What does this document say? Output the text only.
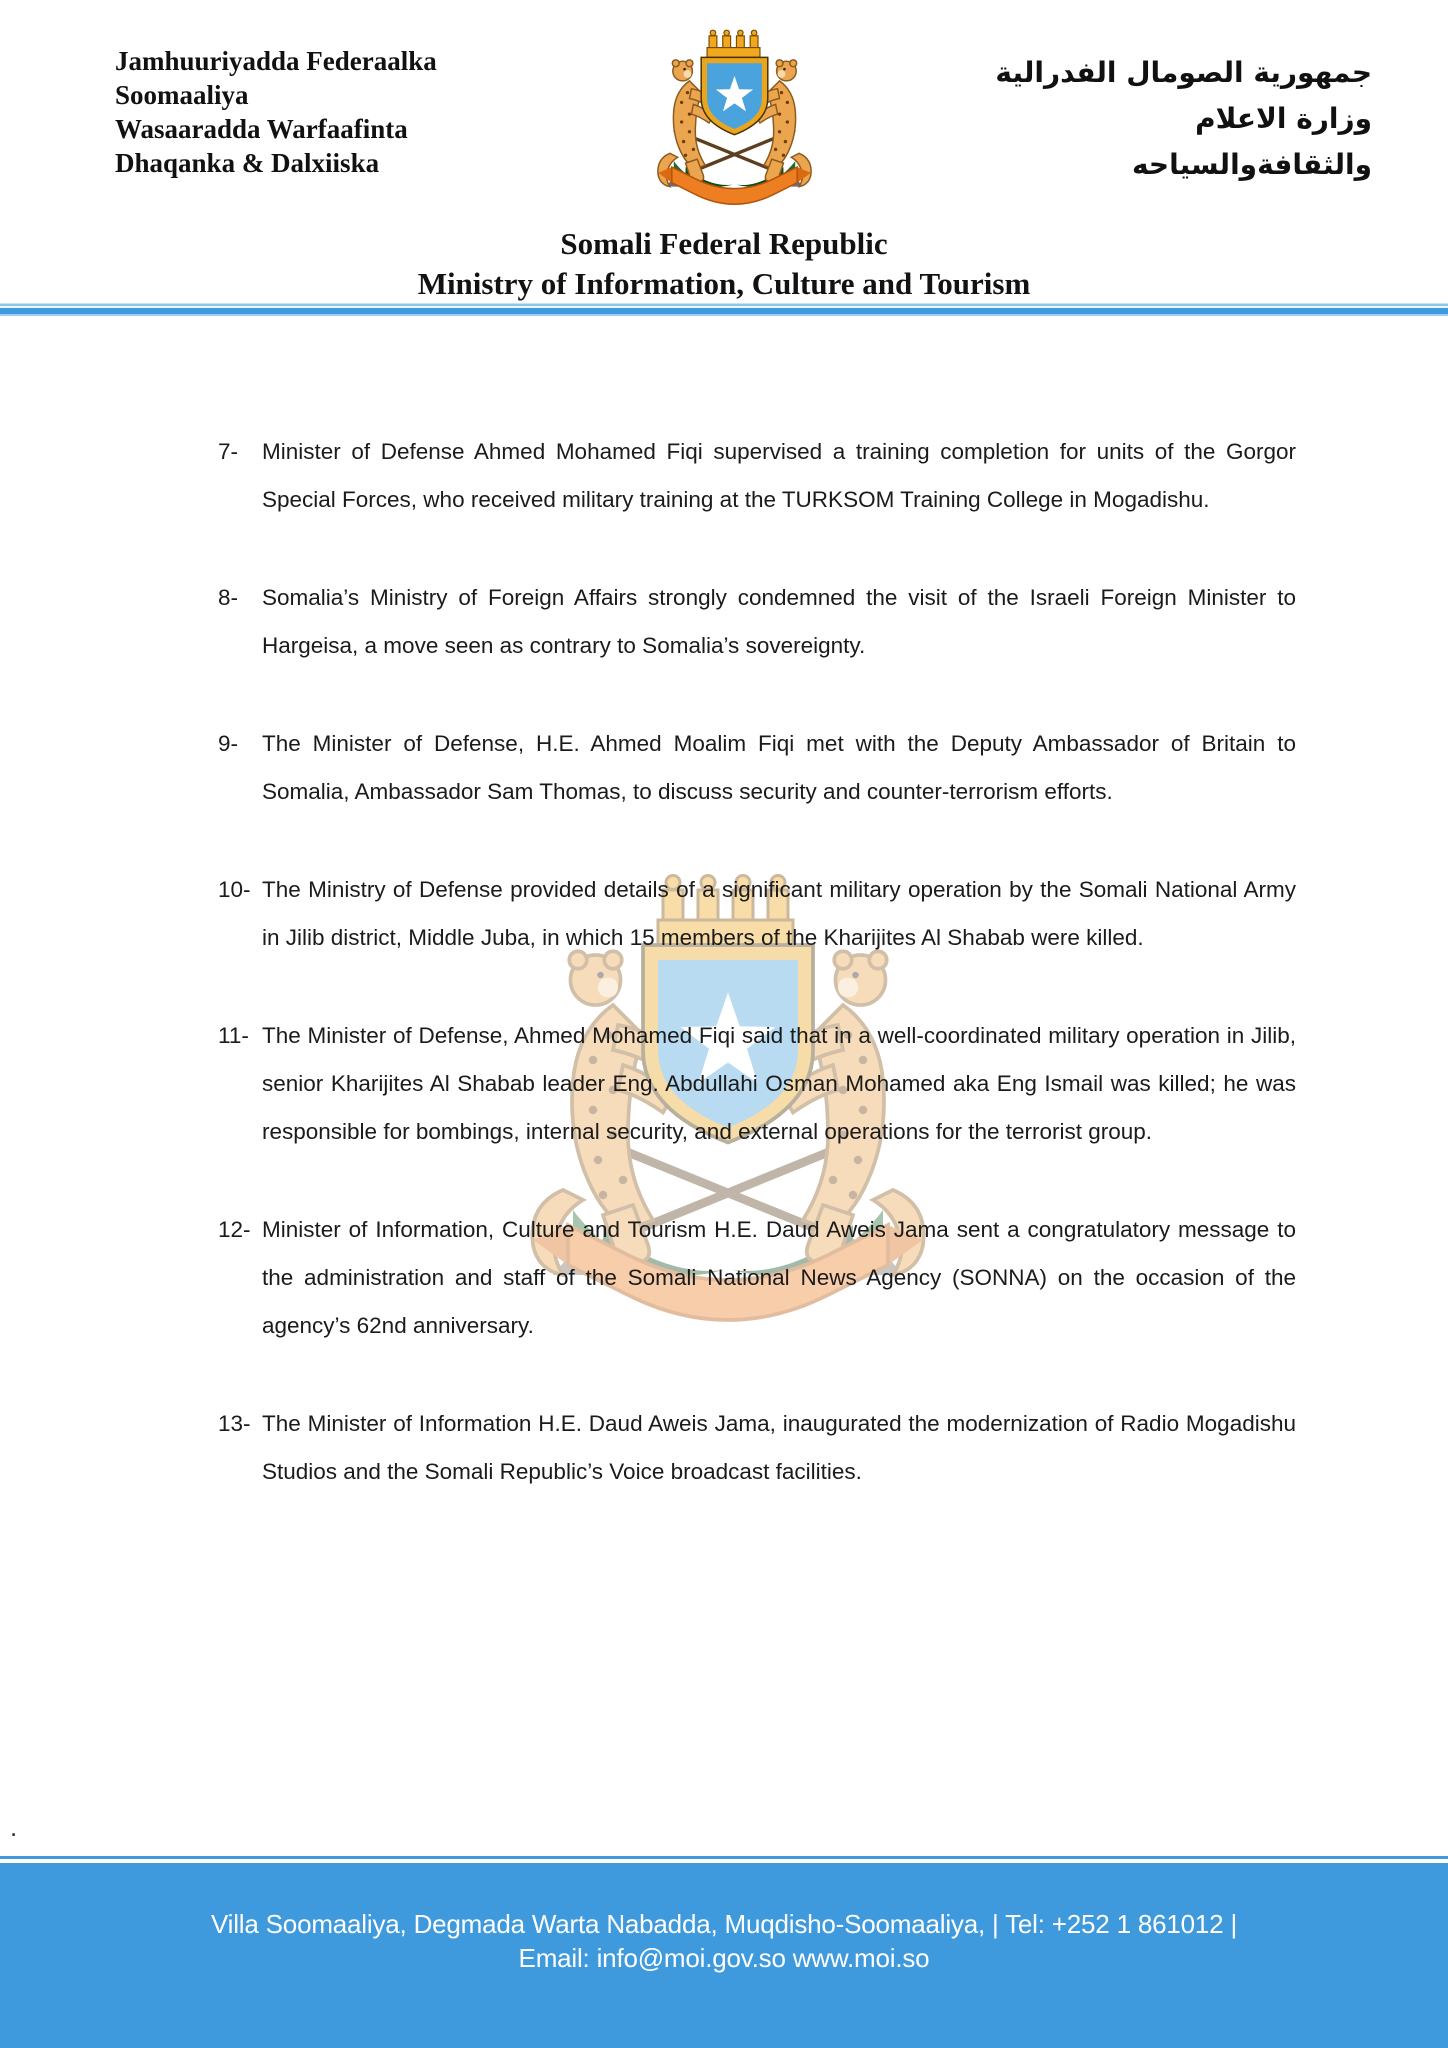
Jamhuuriyadda Federaalka
Soomaaliya
Wasaaradda Warfaafinta
Dhaqanka & Dalxiiska
جمهورية الصومال الفدرالية
وزارة الاعلام
والثقافةوالسياحه
Somali Federal Republic
Ministry of Information, Culture and Tourism

7- Minister of Defense Ahmed Mohamed Fiqi supervised a training completion for units of the Gorgor Special Forces, who received military training at the TURKSOM Training College in Mogadishu.

8- Somalia’s Ministry of Foreign Affairs strongly condemned the visit of the Israeli Foreign Minister to Hargeisa, a move seen as contrary to Somalia’s sovereignty.

9- The Minister of Defense, H.E. Ahmed Moalim Fiqi met with the Deputy Ambassador of Britain to Somalia, Ambassador Sam Thomas, to discuss security and counter-terrorism efforts.

10- The Ministry of Defense provided details of a significant military operation by the Somali National Army in Jilib district, Middle Juba, in which 15 members of the Kharijites Al Shabab were killed.

11- The Minister of Defense, Ahmed Mohamed Fiqi said that in a well-coordinated military operation in Jilib, senior Kharijites Al Shabab leader Eng. Abdullahi Osman Mohamed aka Eng Ismail was killed; he was responsible for bombings, internal security, and external operations for the terrorist group.

12- Minister of Information, Culture and Tourism H.E. Daud Aweis Jama sent a congratulatory message to the administration and staff of the Somali National News Agency (SONNA) on the occasion of the agency’s 62nd anniversary.

13- The Minister of Information H.E. Daud Aweis Jama, inaugurated the modernization of Radio Mogadishu Studios and the Somali Republic’s Voice broadcast facilities.

.
Villa Soomaaliya, Degmada Warta Nabadda, Muqdisho-Soomaaliya, | Tel: +252 1 861012 |
Email: info@moi.gov.so www.moi.so
